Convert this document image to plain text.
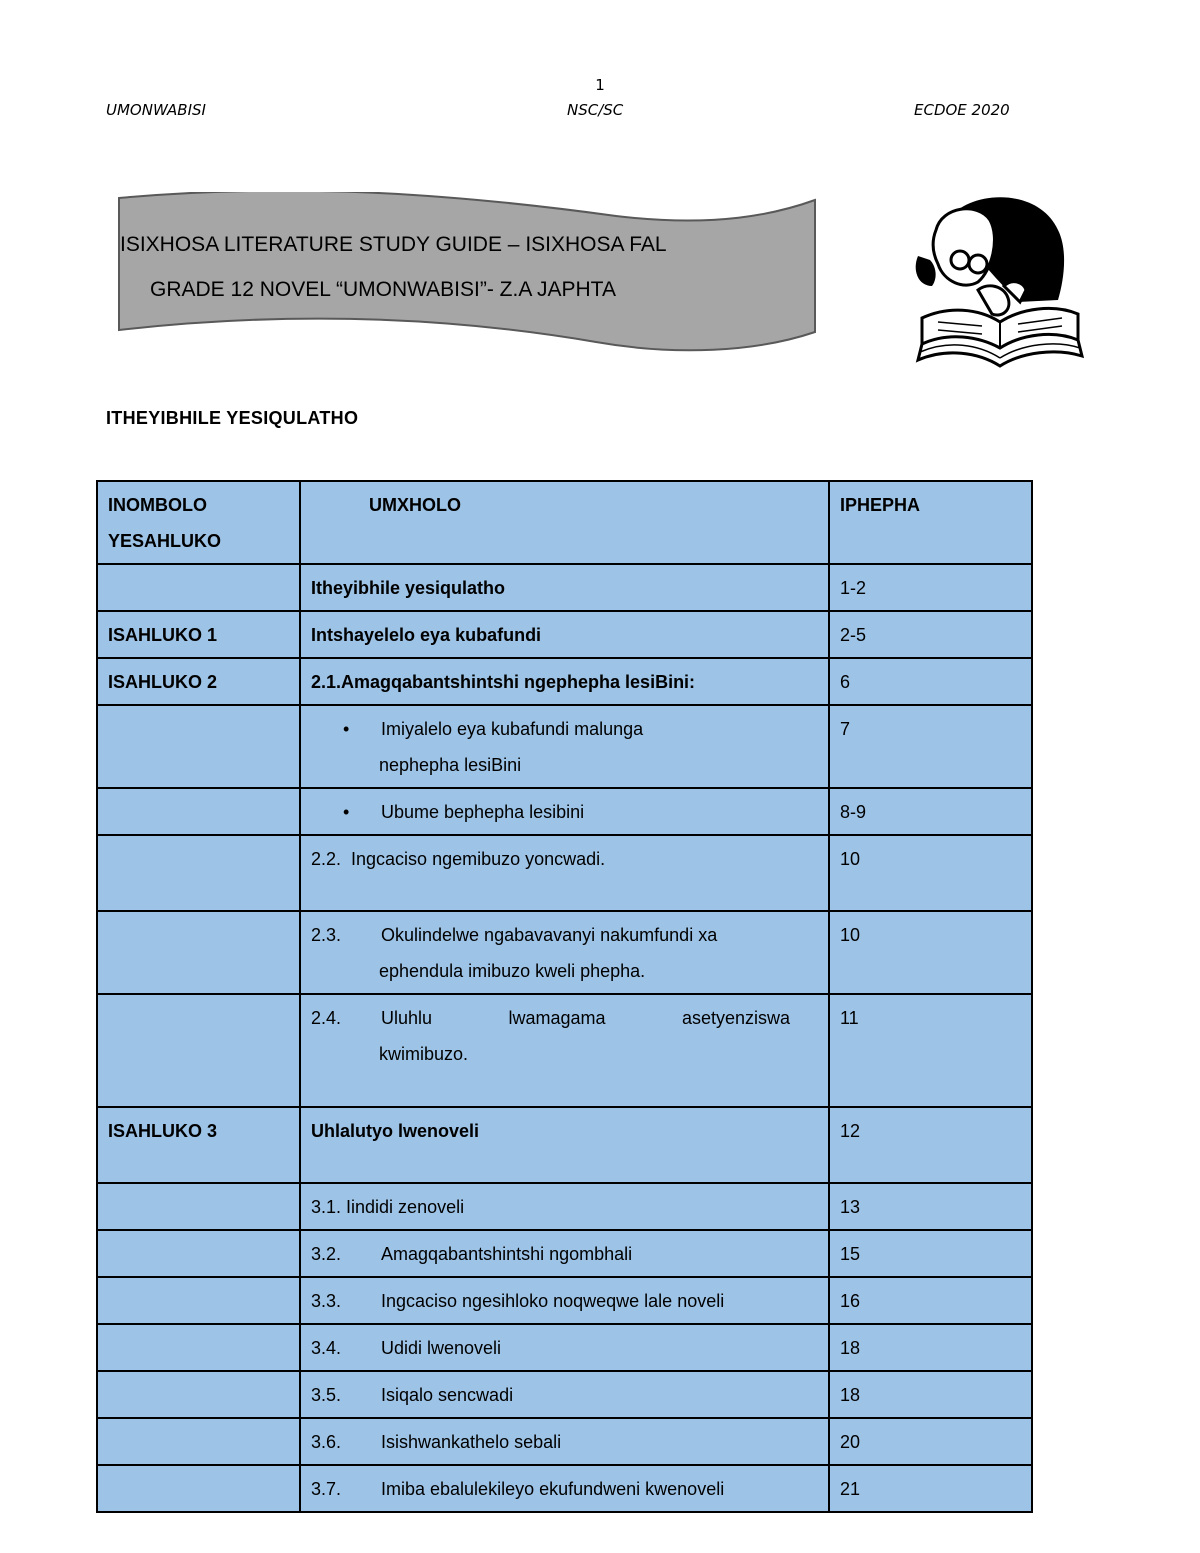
1
UMONWABISI	NSC/SC	ECDOE 2020
ISIXHOSA LITERATURE STUDY GUIDE – ISIXHOSA FAL
GRADE 12 NOVEL “UMONWABISI”- Z.A JAPHTA
ITHEYIBHILE YESIQULATHO
INOMBOLO
YESAHLUKO	UMXHOLO	IPHEPHA
	Itheyibhile yesiqulatho	1-2
ISAHLUKO 1	Intshayelelo eya kubafundi	2-5
ISAHLUKO 2	2.1.Amagqabantshintshi ngephepha lesiBini:	6

	• Imiyalelo eya kubafundi malunga
nephepha lesiBini	7
	• Ubume bephepha lesibini	8-9
	2.2.  Ingcaciso ngemibuzo yoncwadi.	10

	2.3. Okulindelwe ngabavavanyi nakumfundi xa
ephendula imibuzo kweli phepha.	10

	2.4. Uluhlu lwamagama asetyenziswa
kwimibuzo.	11
ISAHLUKO 3	Uhlalutyo lwenoveli	12
	3.1. Iindidi zenoveli	13
	3.2. Amagqabantshintshi ngombhali	15
	3.3. Ingcaciso ngesihloko noqweqwe lale noveli	16
	3.4. Udidi lwenoveli	18
	3.5. Isiqalo sencwadi	18
	3.6. Isishwankathelo sebali	20
	3.7. Imiba ebalulekileyo ekufundweni kwenoveli	21
